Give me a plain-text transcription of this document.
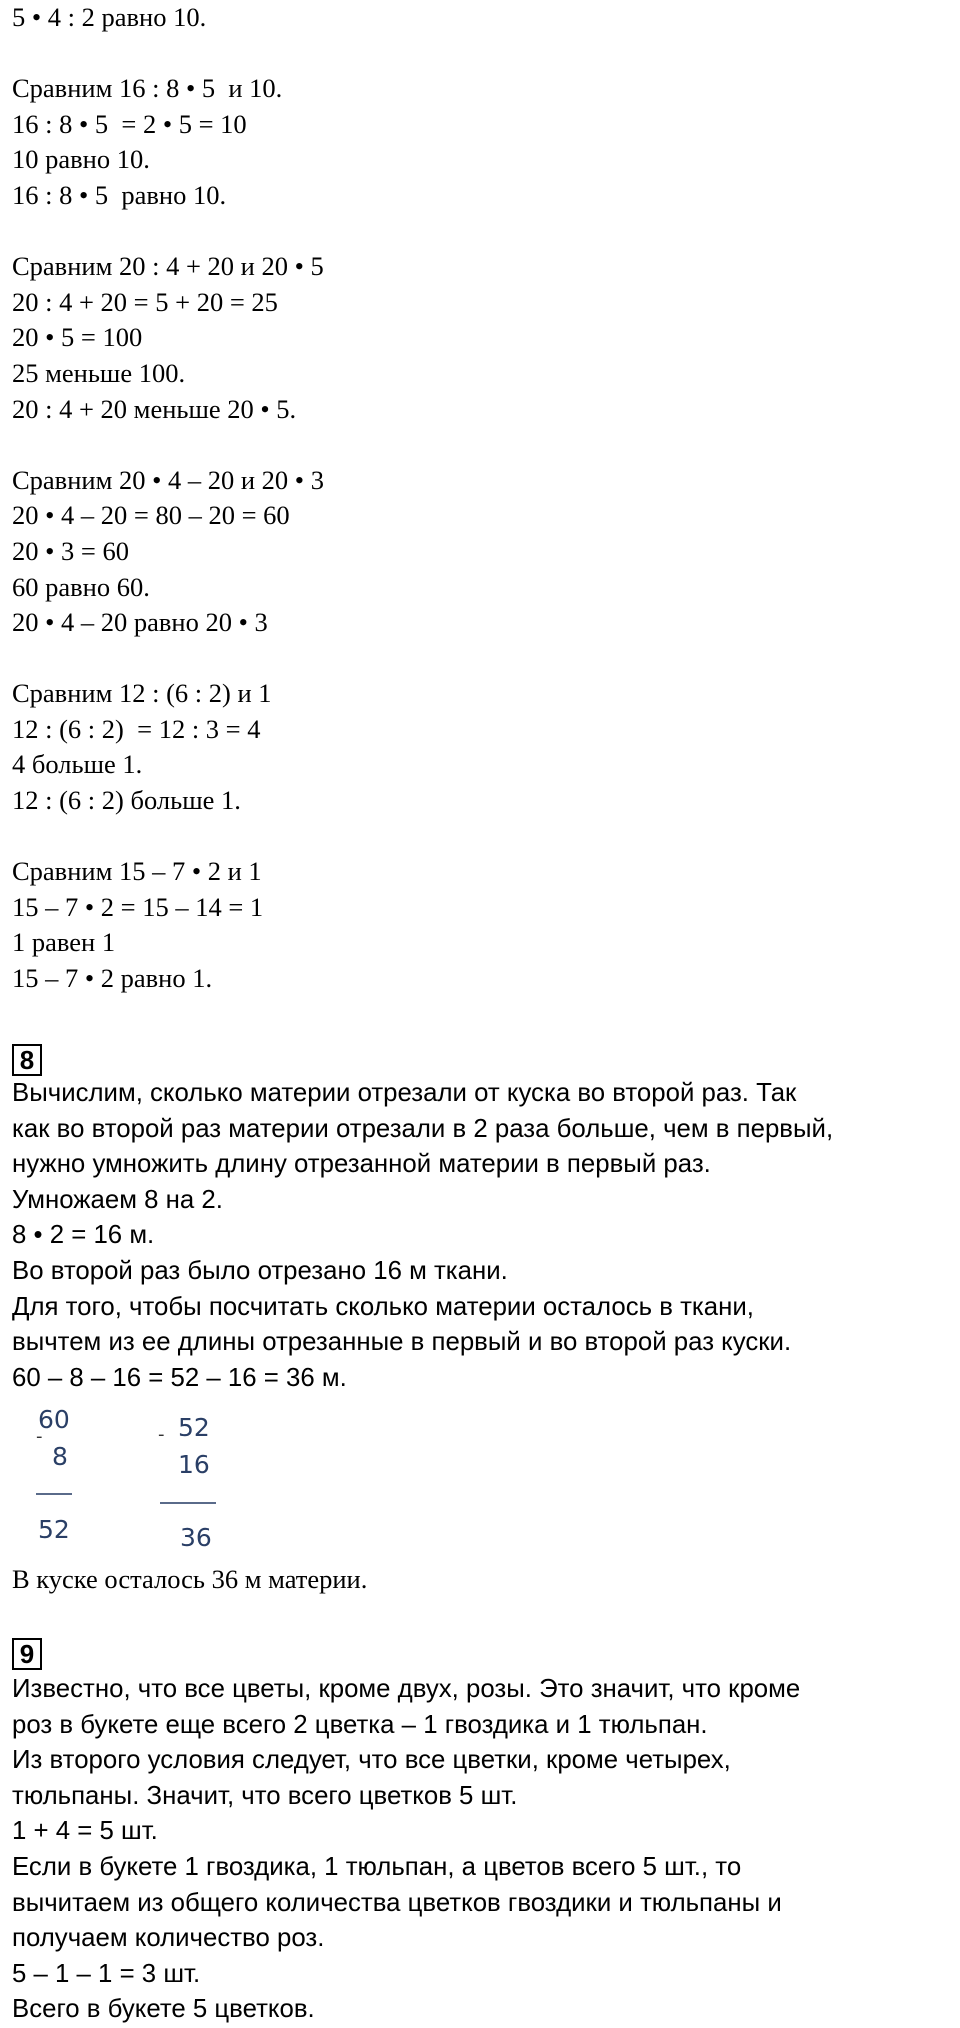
5 • 4 : 2 равно 10.

Сравним 16 : 8 • 5  и 10.
16 : 8 • 5  = 2 • 5 = 10
10 равно 10.
16 : 8 • 5  равно 10.

Сравним 20 : 4 + 20 и 20 • 5
20 : 4 + 20 = 5 + 20 = 25
20 • 5 = 100
25 меньше 100.
20 : 4 + 20 меньше 20 • 5.

Сравним 20 • 4 – 20 и 20 • 3
20 • 4 – 20 = 80 – 20 = 60
20 • 3 = 60
60 равно 60.
20 • 4 – 20 равно 20 • 3

Сравним 12 : (6 : 2) и 1
12 : (6 : 2)  = 12 : 3 = 4
4 больше 1.
12 : (6 : 2) больше 1.

Сравним 15 – 7 • 2 и 1
15 – 7 • 2 = 15 – 14 = 1
1 равен 1
15 – 7 • 2 равно 1.
8
Вычислим, сколько материи отрезали от куска во второй раз. Так
как во второй раз материи отрезали в 2 раза больше, чем в первый,
нужно умножить длину отрезанной материи в первый раз.
Умножаем 8 на 2.
8 • 2 = 16 м.
Во второй раз было отрезано 16 м ткани.
Для того, чтобы посчитать сколько материи осталось в ткани,
вычтем из ее длины отрезанные в первый и во второй раз куски.
60 – 8 – 16 = 52 – 16 = 36 м.
60
-
8
52
52
-
16
36
В куске осталось 36 м материи.
9
Известно, что все цветы, кроме двух, розы. Это значит, что кроме
роз в букете еще всего 2 цветка – 1 гвоздика и 1 тюльпан.
Из второго условия следует, что все цветки, кроме четырех,
тюльпаны. Значит, что всего цветков 5 шт.
1 + 4 = 5 шт.
Если в букете 1 гвоздика, 1 тюльпан, а цветов всего 5 шт., то
вычитаем из общего количества цветков гвоздики и тюльпаны и
получаем количество роз.
5 – 1 – 1 = 3 шт.
Всего в букете 5 цветков.
